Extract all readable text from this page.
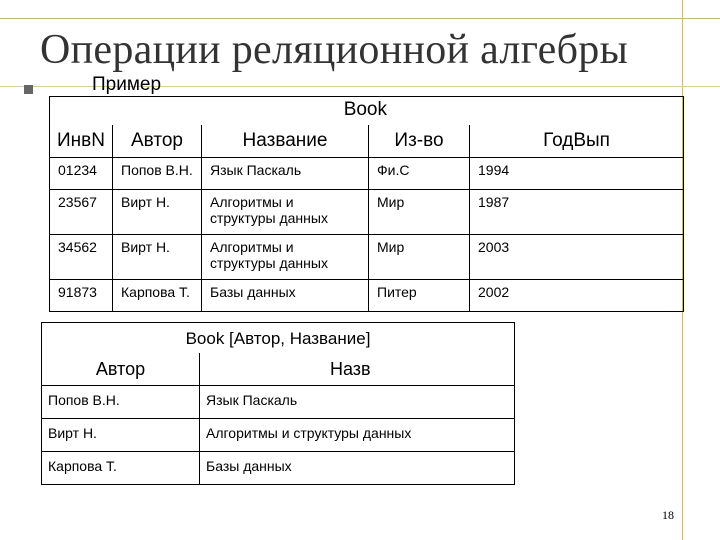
Операции реляционной алгебры
Пример
Book				
ИнвN	Автор	Название	Из-во	ГодВып
01234	Попов В.Н.	Язык Паскаль	Фи.С	1994
23567	Вирт Н.	Алгоритмы и структуры данных	Мир	1987
34562	Вирт Н.	Алгоритмы и структуры данных	Мир	2003
91873	Карпова Т.	Базы данных	Питер	2002
Book [Автор, Название]	
Автор	Назв
Попов В.Н.	Язык Паскаль
Вирт Н.	Алгоритмы и структуры данных
Карпова Т.	Базы данных
18
